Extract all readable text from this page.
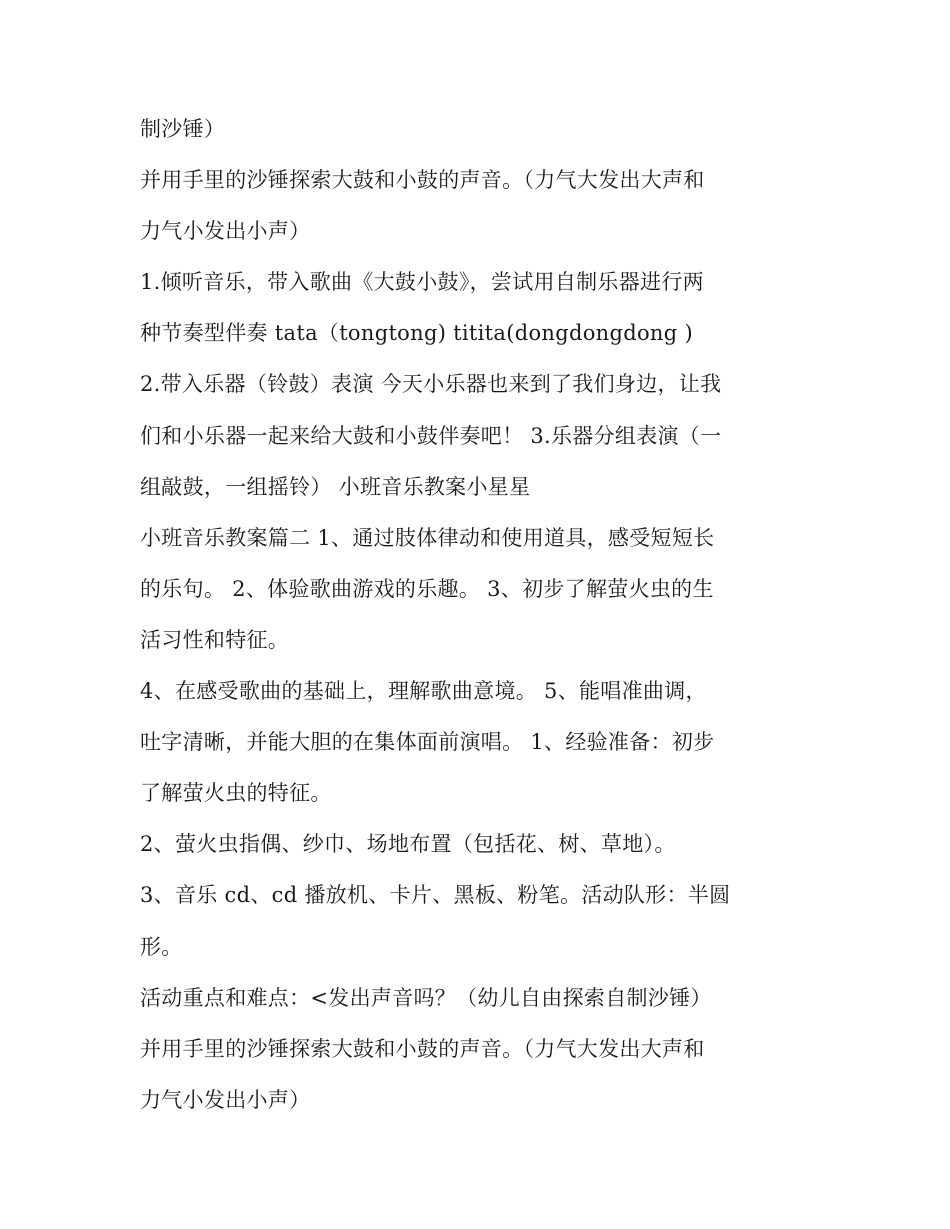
制沙锤）
并用手里的沙锤探索大鼓和小鼓的声音。（力气大发出大声和
力气小发出小声）
1.倾听音乐，带入歌曲《大鼓小鼓》，尝试用自制乐器进行两
种节奏型伴奏 tata（tongtong) titita(dongdongdong )
2.带入乐器（铃鼓）表演 今天小乐器也来到了我们身边，让我
们和小乐器一起来给大鼓和小鼓伴奏吧！ 3.乐器分组表演（一
组敲鼓，一组摇铃） 小班音乐教案小星星
小班音乐教案篇二 1、通过肢体律动和使用道具，感受短短长
的乐句。 2、体验歌曲游戏的乐趣。 3、初步了解萤火虫的生
活习性和特征。
4、在感受歌曲的基础上，理解歌曲意境。 5、能唱准曲调，
吐字清晰，并能大胆的在集体面前演唱。 1、经验准备：初步
了解萤火虫的特征。
2、萤火虫指偶、纱巾、场地布置（包括花、树、草地）。
3、音乐 cd、cd 播放机、卡片、黑板、粉笔。活动队形：半圆
形。
活动重点和难点：<发出声音吗？（幼儿自由探索自制沙锤）
并用手里的沙锤探索大鼓和小鼓的声音。（力气大发出大声和
力气小发出小声）
